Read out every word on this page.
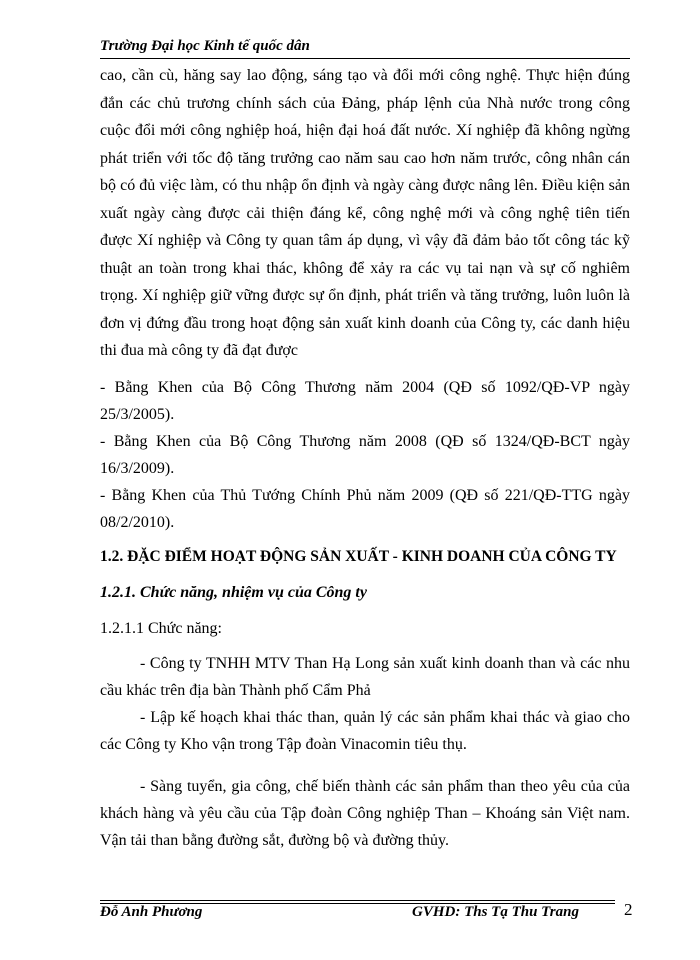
Trường Đại học Kinh tế quốc dân
cao, cần cù, hăng say lao động, sáng tạo và đổi mới công nghệ. Thực hiện đúng đắn các chủ trương chính sách của Đảng, pháp lệnh của Nhà nước trong công cuộc đổi mới công nghiệp hoá, hiện đại hoá đất nước. Xí nghiệp đã không ngừng phát triển với tốc độ tăng trưởng cao năm sau cao hơn năm trước, công nhân cán bộ có đủ việc làm, có thu nhập ổn định và ngày càng được nâng lên. Điều kiện sản xuất ngày càng được cải thiện đáng kể, công nghệ mới và công nghệ tiên tiến được Xí nghiệp và Công ty quan tâm áp dụng, vì vậy đã đảm bảo tốt công tác kỹ thuật an toàn trong khai thác, không để xảy ra các vụ tai nạn và sự cố nghiêm trọng. Xí nghiệp giữ vững được sự ổn định, phát triển và tăng trưởng, luôn luôn là đơn vị đứng đầu trong hoạt động sản xuất kinh doanh của Công ty, các danh hiệu thi đua mà công ty đã đạt được
- Bằng Khen của Bộ Công Thương năm 2004 (QĐ số 1092/QĐ-VP ngày 25/3/2005).
- Bằng Khen của Bộ Công Thương năm 2008 (QĐ số 1324/QĐ-BCT ngày 16/3/2009).
- Bằng Khen của Thủ Tướng Chính Phủ năm 2009 (QĐ số 221/QĐ-TTG ngày 08/2/2010).
1.2. ĐẶC ĐIỂM HOẠT ĐỘNG SẢN XUẤT - KINH DOANH CỦA CÔNG TY
1.2.1. Chức năng, nhiệm vụ của Công ty
1.2.1.1 Chức năng:
- Công ty TNHH MTV Than Hạ Long sản xuất kinh doanh than và các nhu cầu khác trên địa bàn Thành phố Cẩm Phả
- Lập kế hoạch khai thác than, quản lý các sản phẩm khai thác và giao cho các Công ty Kho vận trong Tập đoàn Vinacomin tiêu thụ.
- Sàng tuyển, gia công, chế biến thành các sản phẩm than theo yêu của của khách hàng và yêu cầu của Tập đoàn Công nghiệp Than – Khoáng sản Việt nam. Vận tải than bằng đường sắt, đường bộ và đường thủy.
Đỗ Anh Phương	GVHD: Ths Tạ Thu Trang	2
